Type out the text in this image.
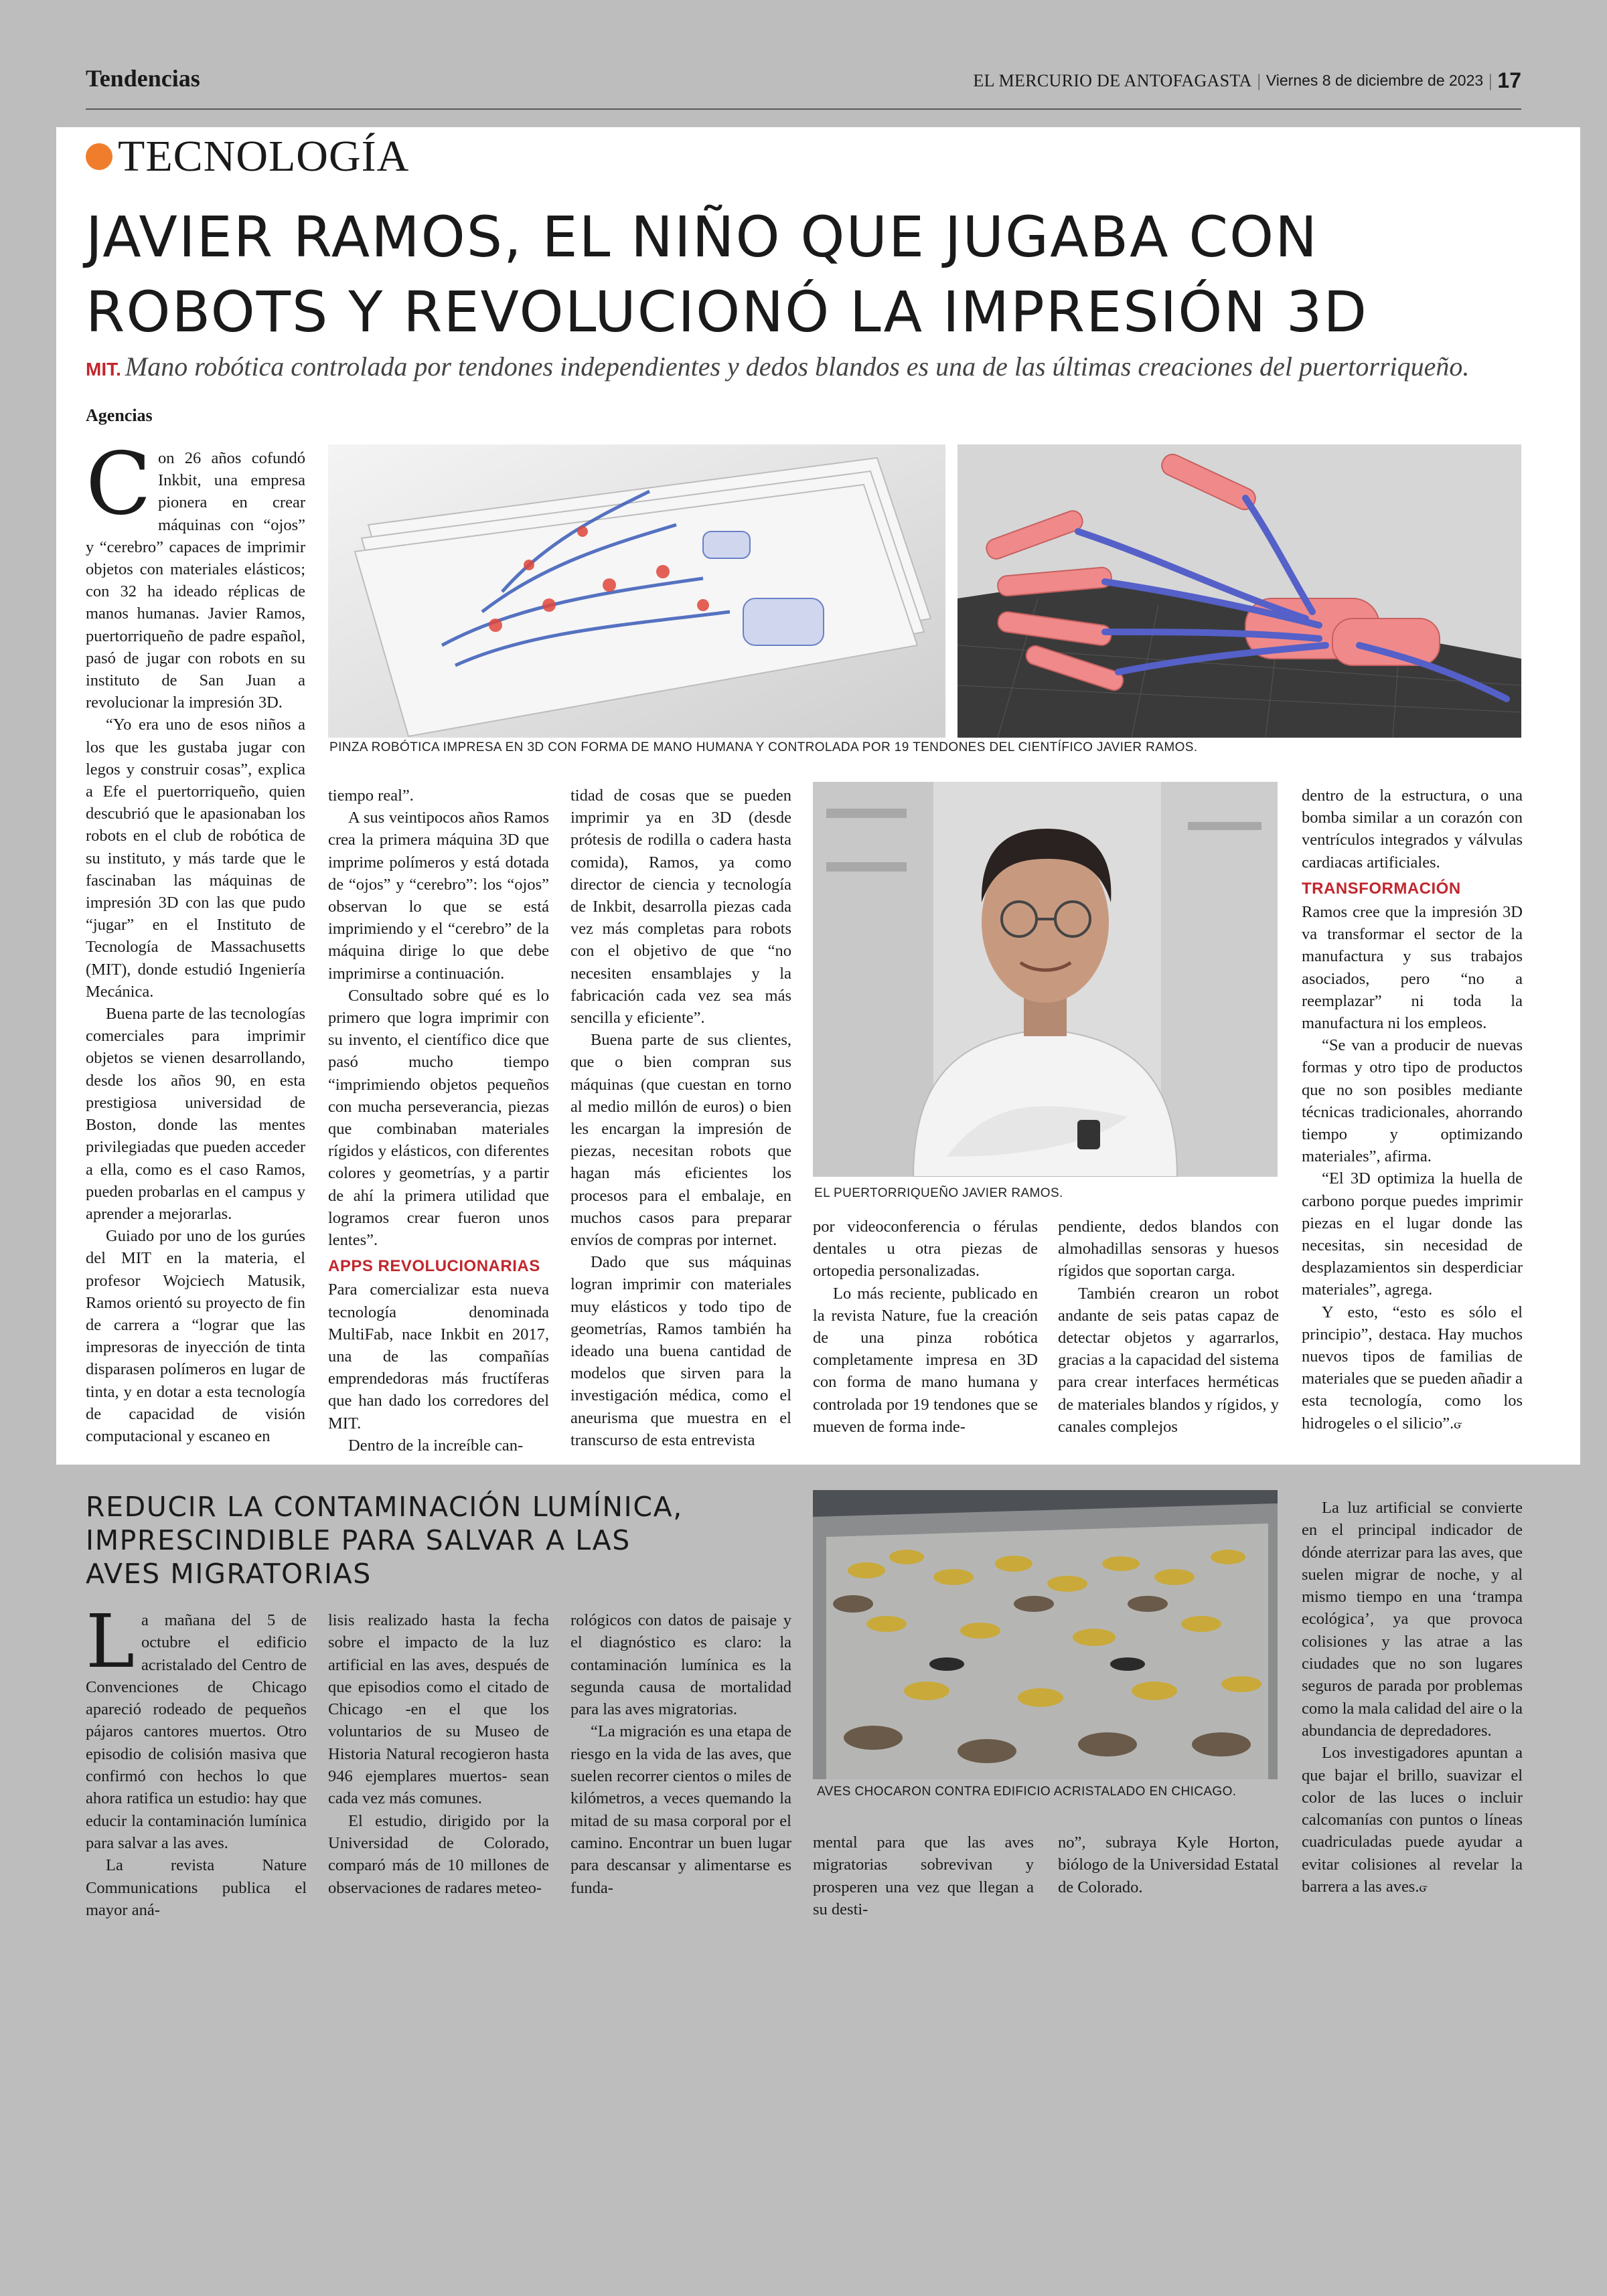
Tendencias	EL MERCURIO DE ANTOFAGASTA | Viernes 8 de diciembre de 2023 | 17
TECNOLOGÍA
JAVIER RAMOS, EL NIÑO QUE JUGABA CON
ROBOTS Y REVOLUCIONÓ LA IMPRESIÓN 3D
MIT. Mano robótica controlada por tendones independientes y dedos blandos es una de las últimas creaciones del puertorriqueño.
Agencias

Con 26 años cofundó Inkbit, una empresa pionera en crear máquinas con “ojos” y “cerebro” capaces de imprimir objetos con materiales elásticos; con 32 ha ideado réplicas de manos humanas. Javier Ramos, puertorriqueño de padre español, pasó de jugar con robots en su instituto de San Juan a revolucionar la impresión 3D.

“Yo era uno de esos niños a los que les gustaba jugar con legos y construir cosas”, explica a Efe el puertorriqueño, quien descubrió que le apasionaban los robots en el club de robótica de su instituto, y más tarde que le fascinaban las máquinas de impresión 3D con las que pudo “jugar” en el Instituto de Tecnología de Massachusetts (MIT), donde estudió Ingeniería Mecánica.

Buena parte de las tecnologías comerciales para imprimir objetos se vienen desarrollando, desde los años 90, en esta prestigiosa universidad de Boston, donde las mentes privilegiadas que pueden acceder a ella, como es el caso Ramos, pueden probarlas en el campus y aprender a mejorarlas.

Guiado por uno de los gurúes del MIT en la materia, el profesor Wojciech Matusik, Ramos orientó su proyecto de fin de carrera a “lograr que las impresoras de inyección de tinta disparasen polímeros en lugar de tinta, y en dotar a esta tecnología de capacidad de visión computacional y escaneo en

PINZA ROBÓTICA IMPRESA EN 3D CON FORMA DE MANO HUMANA Y CONTROLADA POR 19 TENDONES DEL CIENTÍFICO JAVIER RAMOS.

tiempo real”.

A sus veintipocos años Ramos crea la primera máquina 3D que imprime polímeros y está dotada de “ojos” y “cerebro”: los “ojos” observan lo que se está imprimiendo y el “cerebro” de la máquina dirige lo que debe imprimirse a continuación.

Consultado sobre qué es lo primero que logra imprimir con su invento, el científico dice que pasó mucho tiempo “imprimiendo objetos pequeños con mucha perseverancia, piezas que combinaban materiales rígidos y elásticos, con diferentes colores y geometrías, y a partir de ahí la primera utilidad que logramos crear fueron unos lentes”.

APPS REVOLUCIONARIAS

Para comercializar esta nueva tecnología denominada MultiFab, nace Inkbit en 2017, una de las compañías emprendedoras más fructíferas que han dado los corredores del MIT.

Dentro de la increíble can-

tidad de cosas que se pueden imprimir ya en 3D (desde prótesis de rodilla o cadera hasta comida), Ramos, ya como director de ciencia y tecnología de Inkbit, desarrolla piezas cada vez más completas para robots con el objetivo de que “no necesiten ensamblajes y la fabricación cada vez sea más sencilla y eficiente”.

Buena parte de sus clientes, que o bien compran sus máquinas (que cuestan en torno al medio millón de euros) o bien les encargan la impresión de piezas, necesitan robots que hagan más eficientes los procesos para el embalaje, en muchos casos para preparar envíos de compras por internet.

Dado que sus máquinas logran imprimir con materiales muy elásticos y todo tipo de geometrías, Ramos también ha ideado una buena cantidad de modelos que sirven para la investigación médica, como el aneurisma que muestra en el transcurso de esta entrevista

EL PUERTORRIQUEÑO JAVIER RAMOS.

por videoconferencia o férulas dentales u otra piezas de ortopedia personalizadas.

Lo más reciente, publicado en la revista Nature, fue la creación de una pinza robótica completamente impresa en 3D con forma de mano humana y controlada por 19 tendones que se mueven de forma inde-

pendiente, dedos blandos con almohadillas sensoras y huesos rígidos que soportan carga.

También crearon un robot andante de seis patas capaz de detectar objetos y agarrarlos, gracias a la capacidad del sistema para crear interfaces herméticas de materiales blandos y rígidos, y canales complejos

dentro de la estructura, o una bomba similar a un corazón con ventrículos integrados y válvulas cardiacas artificiales.

TRANSFORMACIÓN

Ramos cree que la impresión 3D va transformar el sector de la manufactura y sus trabajos asociados, pero “no a reemplazar” ni toda la manufactura ni los empleos.

“Se van a producir de nuevas formas y otro tipo de productos que no son posibles mediante técnicas tradicionales, ahorrando tiempo y optimizando materiales”, afirma.

“El 3D optimiza la huella de carbono porque puedes imprimir piezas en el lugar donde las necesitas, sin necesidad de desplazamientos sin desperdiciar materiales”, agrega.

Y esto, “esto es sólo el principio”, destaca. Hay muchos nuevos tipos de familias de materiales que se pueden añadir a esta tecnología, como los hidrogeles o el silicio”.ᏻ

REDUCIR LA CONTAMINACIÓN LUMÍNICA,
IMPRESCINDIBLE PARA SALVAR A LAS
AVES MIGRATORIAS

La mañana del 5 de octubre el edificio acristalado del Centro de Convenciones de Chicago apareció rodeado de pequeños pájaros cantores muertos. Otro episodio de colisión masiva que confirmó con hechos lo que ahora ratifica un estudio: hay que educir la contaminación lumínica para salvar a las aves.

La revista Nature Communications publica el mayor aná-

lisis realizado hasta la fecha sobre el impacto de la luz artificial en las aves, después de que episodios como el citado de Chicago -en el que los voluntarios de su Museo de Historia Natural recogieron hasta 946 ejemplares muertos- sean cada vez más comunes.

El estudio, dirigido por la Universidad de Colorado, comparó más de 10 millones de observaciones de radares meteo-

rológicos con datos de paisaje y el diagnóstico es claro: la contaminación lumínica es la segunda causa de mortalidad para las aves migratorias.

“La migración es una etapa de riesgo en la vida de las aves, que suelen recorrer cientos o miles de kilómetros, a veces quemando la mitad de su masa corporal por el camino. Encontrar un buen lugar para descansar y alimentarse es funda-

AVES CHOCARON CONTRA EDIFICIO ACRISTALADO EN CHICAGO.

mental para que las aves migratorias sobrevivan y prosperen una vez que llegan a su desti-

no”, subraya Kyle Horton, biólogo de la Universidad Estatal de Colorado.

La luz artificial se convierte en el principal indicador de dónde aterrizar para las aves, que suelen migrar de noche, y al mismo tiempo en una ‘trampa ecológica’, ya que provoca colisiones y las atrae a las ciudades que no son lugares seguros de parada por problemas como la mala calidad del aire o la abundancia de depredadores.

Los investigadores apuntan a que bajar el brillo, suavizar el color de las luces o incluir calcomanías con puntos o líneas cuadriculadas puede ayudar a evitar colisiones al revelar la barrera a las aves.ᏻ
